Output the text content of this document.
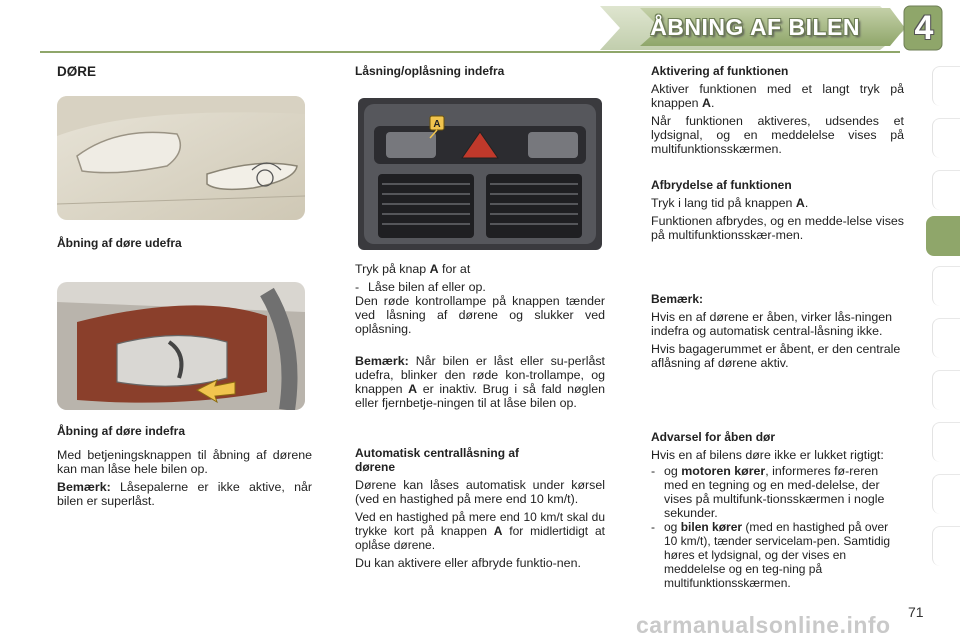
ÅBNING AF BILEN 4
DØRE

Åbning af døre udefra

Åbning af døre indefra

Med betjeningsknappen til åbning af dørene kan man låse hele bilen op.

Bemærk: Låsepalerne er ikke aktive, når bilen er superlåst.

Låsning/oplåsning indefra

A

Tryk på knap A for at

- Låse bilen af eller op.

Den røde kontrollampe på knappen tænder ved låsning af dørene og slukker ved oplåsning.

Bemærk: Når bilen er låst eller su-perlåst udefra, blinker den røde kon-trollampe, og knappen A er inaktiv. Brug i så fald nøglen eller fjernbetje-ningen til at låse bilen op.

Automatisk centrallåsning af dørene

Dørene kan låses automatisk under kørsel (ved en hastighed på mere end 10 km/t).

Ved en hastighed på mere end 10 km/t skal du trykke kort på knappen A for midlertidigt at oplåse dørene.

Du kan aktivere eller afbryde funktio-nen.

Aktivering af funktionen

Aktiver funktionen med et langt tryk på knappen A.

Når funktionen aktiveres, udsendes et lydsignal, og en meddelelse vises på multifunktionsskærmen.

Afbrydelse af funktionen

Tryk i lang tid på knappen A.

Funktionen afbrydes, og en medde-lelse vises på multifunktionsskær-men.

Bemærk:

Hvis en af dørene er åben, virker lås-ningen indefra og automatisk central-låsning ikke.

Hvis bagagerummet er åbent, er den centrale aflåsning af dørene aktiv.

Advarsel for åben dør

Hvis en af bilens døre ikke er lukket rigtigt:

- og motoren kører, informeres fø-reren med en tegning og en med-delelse, der vises på multifunk-tionsskærmen i nogle sekunder.
- og bilen kører (med en hastighed på over 10 km/t), tænder servicelam-pen. Samtidig høres et lydsignal, og der vises en meddelelse og en teg-ning på multifunktionsskærmen.
71
carmanualsonline.info
